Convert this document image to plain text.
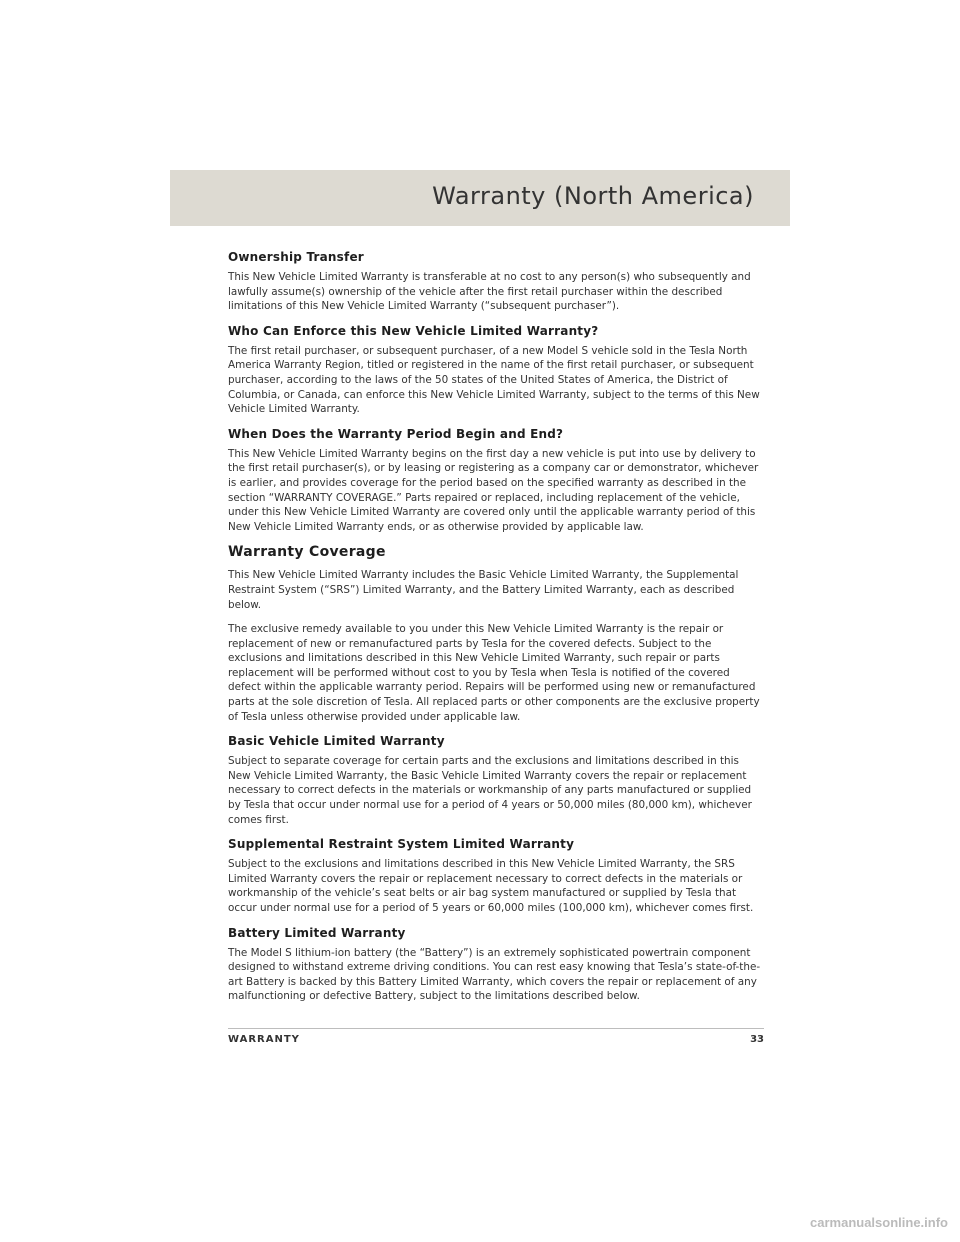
Warranty (North America)
Ownership Transfer

This New Vehicle Limited Warranty is transferable at no cost to any person(s) who subsequently and lawfully assume(s) ownership of the vehicle after the first retail purchaser within the described limitations of this New Vehicle Limited Warranty (“subsequent purchaser”).

Who Can Enforce this New Vehicle Limited Warranty?

The first retail purchaser, or subsequent purchaser, of a new Model S vehicle sold in the Tesla North America Warranty Region, titled or registered in the name of the first retail purchaser, or subsequent purchaser, according to the laws of the 50 states of the United States of America, the District of Columbia, or Canada, can enforce this New Vehicle Limited Warranty, subject to the terms of this New Vehicle Limited Warranty.

When Does the Warranty Period Begin and End?

This New Vehicle Limited Warranty begins on the first day a new vehicle is put into use by delivery to the first retail purchaser(s), or by leasing or registering as a company car or demonstrator, whichever is earlier, and provides coverage for the period based on the specified warranty as described in the section “WARRANTY COVERAGE.” Parts repaired or replaced, including replacement of the vehicle, under this New Vehicle Limited Warranty are covered only until the applicable warranty period of this New Vehicle Limited Warranty ends, or as otherwise provided by applicable law.

Warranty Coverage

This New Vehicle Limited Warranty includes the Basic Vehicle Limited Warranty, the Supplemental Restraint System (“SRS”) Limited Warranty, and the Battery Limited Warranty, each as described below.

The exclusive remedy available to you under this New Vehicle Limited Warranty is the repair or replacement of new or remanufactured parts by Tesla for the covered defects. Subject to the exclusions and limitations described in this New Vehicle Limited Warranty, such repair or parts replacement will be performed without cost to you by Tesla when Tesla is notified of the covered defect within the applicable warranty period. Repairs will be performed using new or remanufactured parts at the sole discretion of Tesla. All replaced parts or other components are the exclusive property of Tesla unless otherwise provided under applicable law.

Basic Vehicle Limited Warranty

Subject to separate coverage for certain parts and the exclusions and limitations described in this New Vehicle Limited Warranty, the Basic Vehicle Limited Warranty covers the repair or replacement necessary to correct defects in the materials or workmanship of any parts manufactured or supplied by Tesla that occur under normal use for a period of 4 years or 50,000 miles (80,000 km), whichever comes first.

Supplemental Restraint System Limited Warranty

Subject to the exclusions and limitations described in this New Vehicle Limited Warranty, the SRS Limited Warranty covers the repair or replacement necessary to correct defects in the materials or workmanship of the vehicle’s seat belts or air bag system manufactured or supplied by Tesla that occur under normal use for a period of 5 years or 60,000 miles (100,000 km), whichever comes first.

Battery Limited Warranty

The Model S lithium-ion battery (the “Battery”) is an extremely sophisticated powertrain component designed to withstand extreme driving conditions. You can rest easy knowing that Tesla’s state-of-the-art Battery is backed by this Battery Limited Warranty, which covers the repair or replacement of any malfunctioning or defective Battery, subject to the limitations described below.

WARRANTY	33
carmanualsonline.info
